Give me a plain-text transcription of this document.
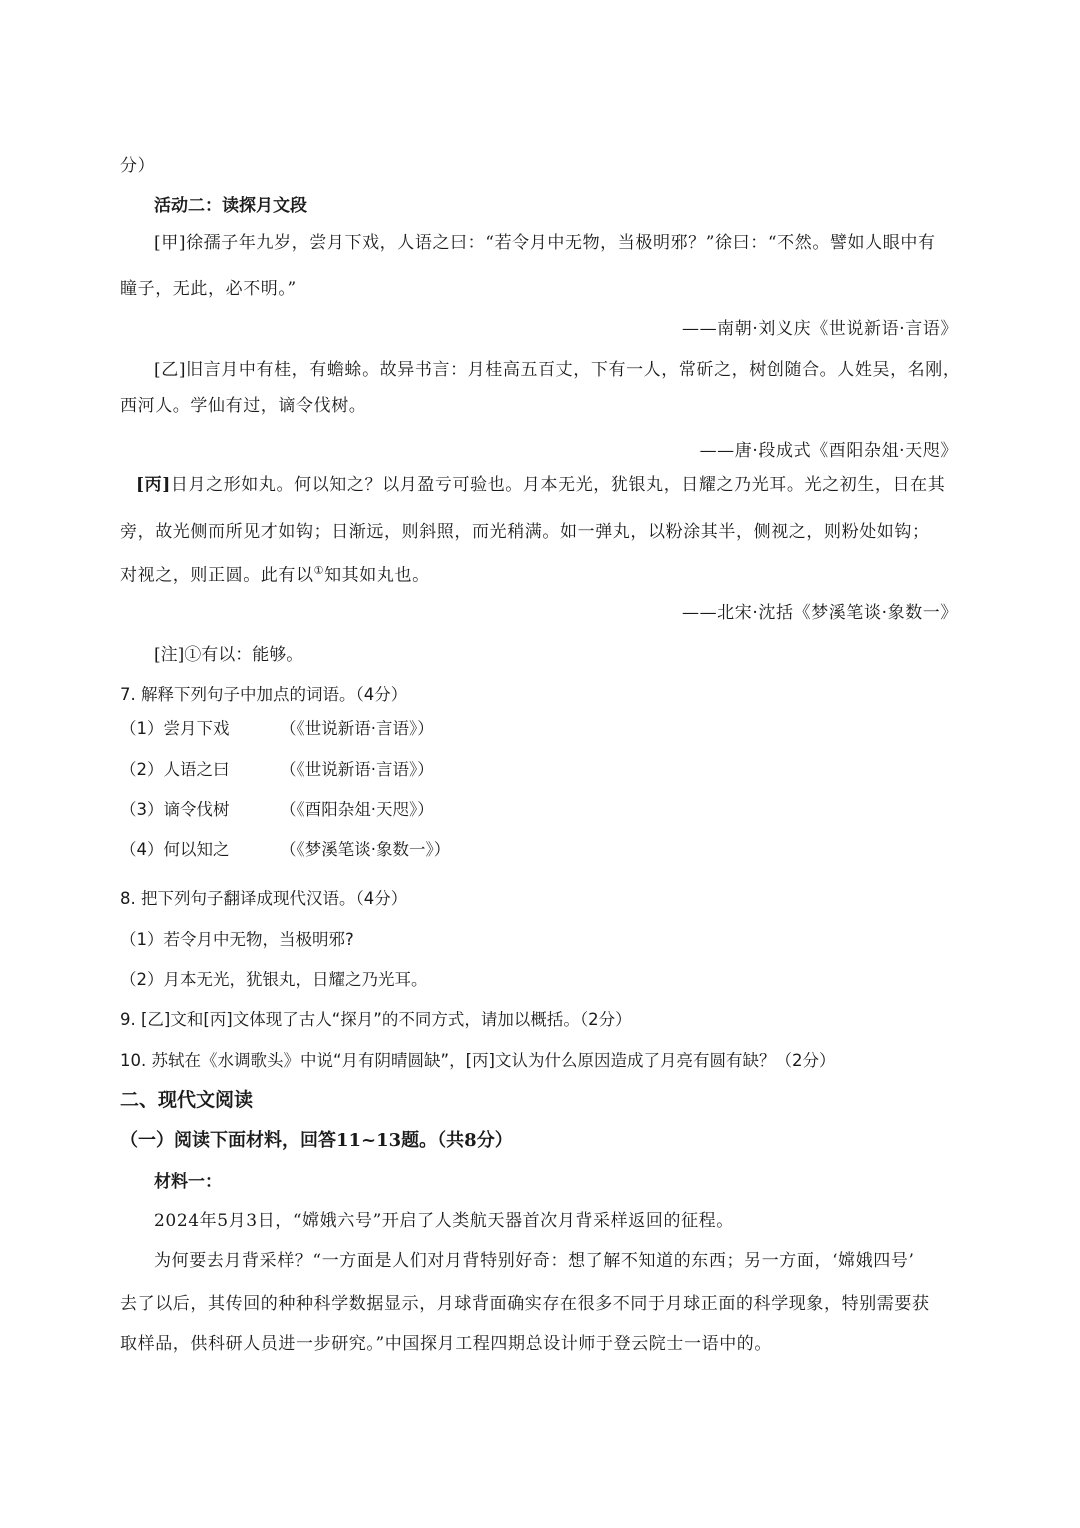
分）
活动二：读探月文段
[甲]徐孺子年九岁，尝月下戏，人语之曰：“若令月中无物，当极明邪？”徐曰：“不然。譬如人眼中有
瞳子，无此，必不明。”
——南朝·刘义庆《世说新语·言语》
[乙]旧言月中有桂，有蟾蜍。故异书言：月桂高五百丈，下有一人，常斫之，树创随合。人姓吴，名刚，
西河人。学仙有过，谪令伐树。
——唐·段成式《酉阳杂俎·天咫》
[丙]日月之形如丸。何以知之？以月盈亏可验也。月本无光，犹银丸，日耀之乃光耳。光之初生，日在其
旁，故光侧而所见才如钩；日渐远，则斜照，而光稍满。如一弹丸，以粉涂其半，侧视之，则粉处如钩；
对视之，则正圆。此有以①知其如丸也。
——北宋·沈括《梦溪笔谈·象数一》
[注]①有以：能够。
7. 解释下列句子中加点的词语。（4分）
（1）尝月下戏	（《世说新语·言语》）
（2）人语之曰	（《世说新语·言语》）
（3）谪令伐树	（《酉阳杂俎·天咫》）
（4）何以知之	（《梦溪笔谈·象数一》）
8. 把下列句子翻译成现代汉语。（4分）
（1）若令月中无物，当极明邪?
（2）月本无光，犹银丸，日耀之乃光耳。
9. [乙]文和[丙]文体现了古人“探月”的不同方式，请加以概括。（2分）
10. 苏轼在《水调歌头》中说“月有阴晴圆缺”，[丙]文认为什么原因造成了月亮有圆有缺？（2分）
二、现代文阅读
（一）阅读下面材料，回答11~13题。（共8分）
材料一：
2024年5月3日，“嫦娥六号”开启了人类航天器首次月背采样返回的征程。
为何要去月背采样？“一方面是人们对月背特别好奇：想了解不知道的东西；另一方面，‘嫦娥四号’
去了以后，其传回的种种科学数据显示，月球背面确实存在很多不同于月球正面的科学现象，特别需要获
取样品，供科研人员进一步研究。”中国探月工程四期总设计师于登云院士一语中的。
